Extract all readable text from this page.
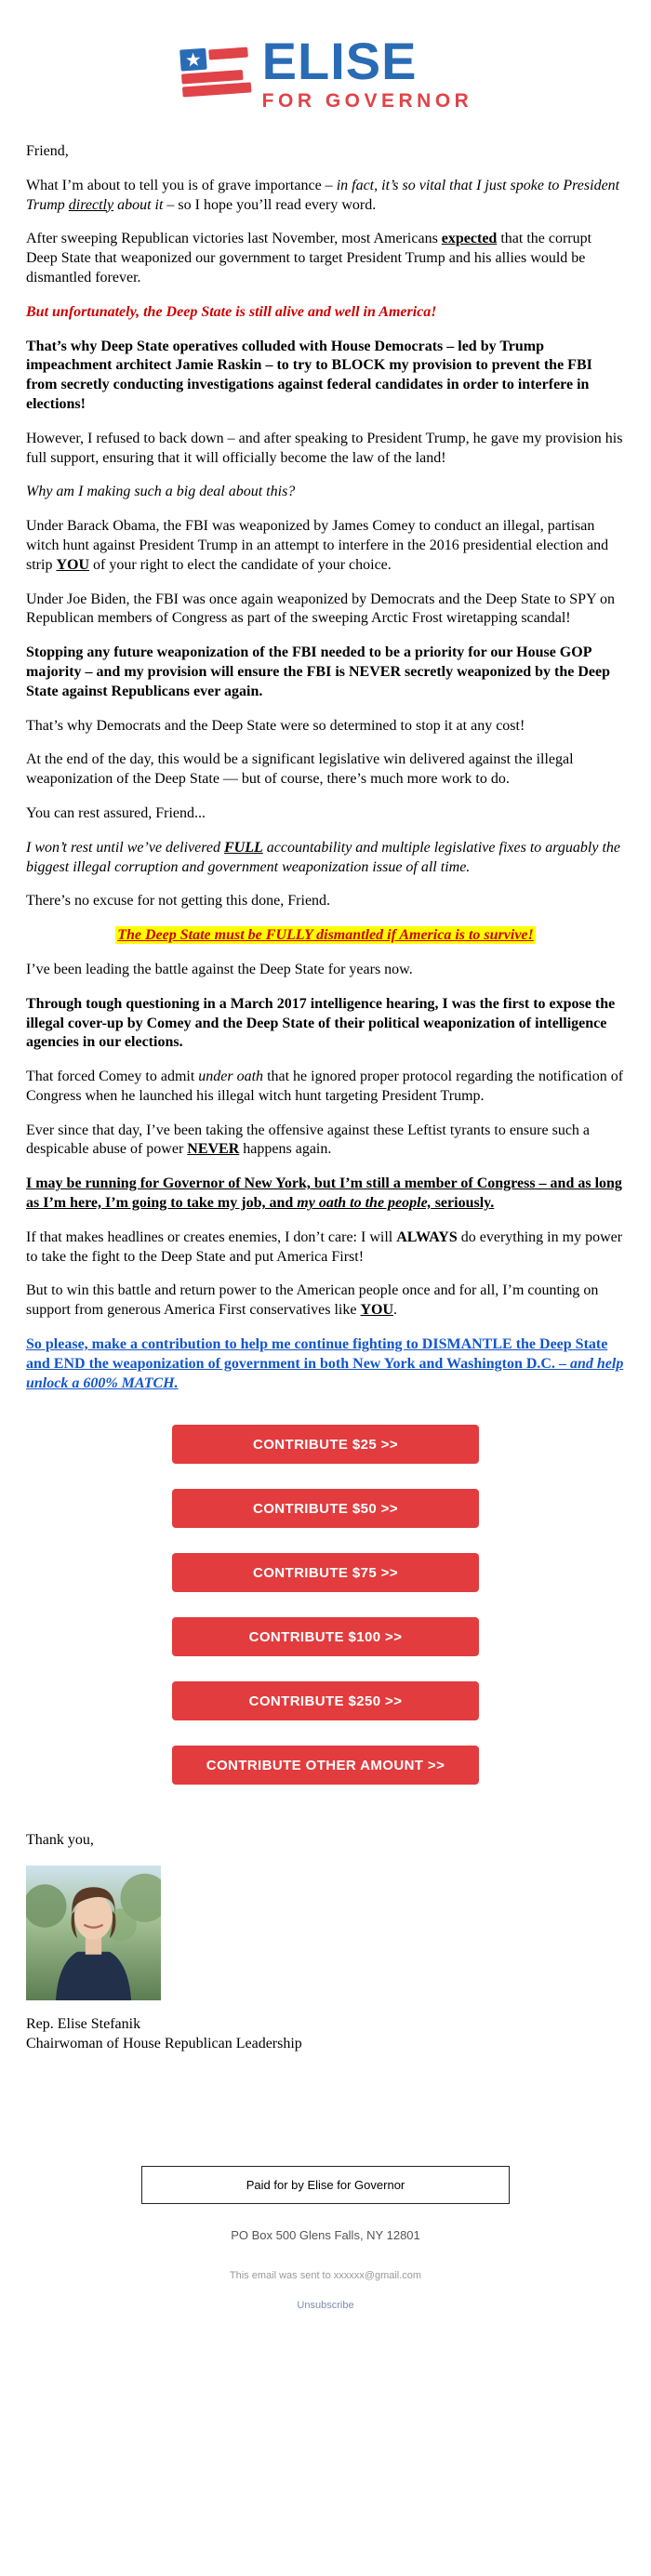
ELISE
FOR GOVERNOR

Friend,

What I’m about to tell you is of grave importance – in fact, it’s so vital that I just spoke to President Trump directly about it – so I hope you’ll read every word.

After sweeping Republican victories last November, most Americans expected that the corrupt Deep State that weaponized our government to target President Trump and his allies would be dismantled forever.

But unfortunately, the Deep State is still alive and well in America!

That’s why Deep State operatives colluded with House Democrats – led by Trump impeachment architect Jamie Raskin – to try to BLOCK my provision to prevent the FBI from secretly conducting investigations against federal candidates in order to interfere in elections!

However, I refused to back down – and after speaking to President Trump, he gave my provision his full support, ensuring that it will officially become the law of the land!

Why am I making such a big deal about this?

Under Barack Obama, the FBI was weaponized by James Comey to conduct an illegal, partisan witch hunt against President Trump in an attempt to interfere in the 2016 presidential election and strip YOU of your right to elect the candidate of your choice.

Under Joe Biden, the FBI was once again weaponized by Democrats and the Deep State to SPY on Republican members of Congress as part of the sweeping Arctic Frost wiretapping scandal!

Stopping any future weaponization of the FBI needed to be a priority for our House GOP majority – and my provision will ensure the FBI is NEVER secretly weaponized by the Deep State against Republicans ever again.

That’s why Democrats and the Deep State were so determined to stop it at any cost!

At the end of the day, this would be a significant legislative win delivered against the illegal weaponization of the Deep State — but of course, there’s much more work to do.

You can rest assured, Friend...

I won’t rest until we’ve delivered FULL accountability and multiple legislative fixes to arguably the biggest illegal corruption and government weaponization issue of all time.

There’s no excuse for not getting this done, Friend.

The Deep State must be FULLY dismantled if America is to survive!

I’ve been leading the battle against the Deep State for years now.

Through tough questioning in a March 2017 intelligence hearing, I was the first to expose the illegal cover-up by Comey and the Deep State of their political weaponization of intelligence agencies in our elections.

That forced Comey to admit under oath that he ignored proper protocol regarding the notification of Congress when he launched his illegal witch hunt targeting President Trump.

Ever since that day, I’ve been taking the offensive against these Leftist tyrants to ensure such a despicable abuse of power NEVER happens again.

I may be running for Governor of New York, but I’m still a member of Congress – and as long as I’m here, I’m going to take my job, and my oath to the people, seriously.

If that makes headlines or creates enemies, I don’t care: I will ALWAYS do everything in my power to take the fight to the Deep State and put America First!

But to win this battle and return power to the American people once and for all, I’m counting on support from generous America First conservatives like YOU.

So please, make a contribution to help me continue fighting to DISMANTLE the Deep State and END the weaponization of government in both New York and Washington D.C. – and help unlock a 600% MATCH.

CONTRIBUTE $25 >>
CONTRIBUTE $50 >>
CONTRIBUTE $75 >>
CONTRIBUTE $100 >>
CONTRIBUTE $250 >>
CONTRIBUTE OTHER AMOUNT >>

Thank you,

Rep. Elise Stefanik
Chairwoman of House Republican Leadership
Paid for by Elise for Governor
PO Box 500 Glens Falls, NY 12801
This email was sent to xxxxxx@gmail.com
Unsubscribe
